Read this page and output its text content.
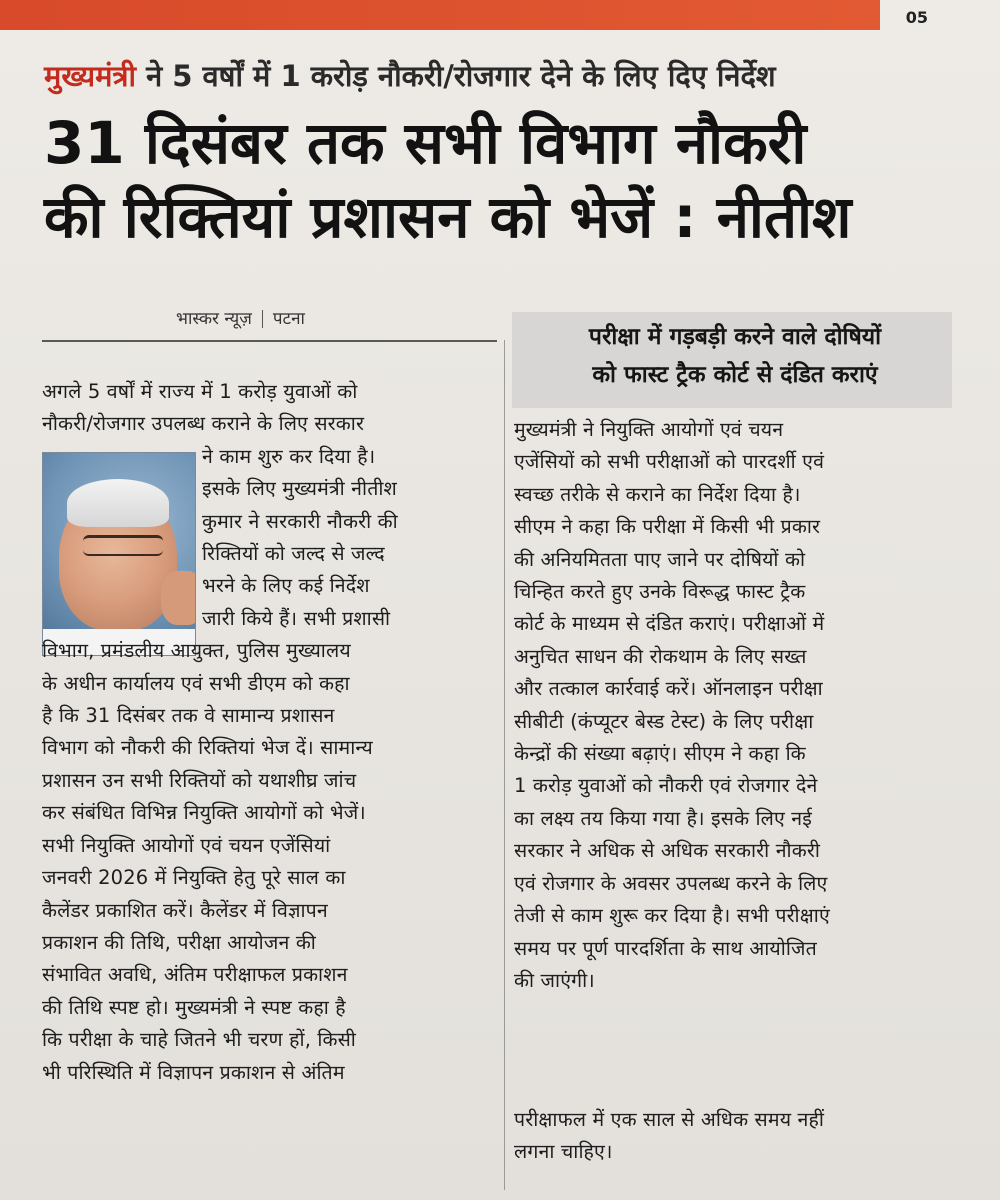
05
मुख्यमंत्री ने 5 वर्षों में 1 करोड़ नौकरी/रोजगार देने के लिए दिए निर्देश
31 दिसंबर तक सभी विभाग नौकरी
की रिक्तियां प्रशासन को भेजें : नीतीश
भास्कर न्यूज़ पटना
परीक्षा में गड़बड़ी करने वाले दोषियों
को फास्ट ट्रैक कोर्ट से दंडित कराएं
अगले 5 वर्षों में राज्य में 1 करोड़ युवाओं को
नौकरी/रोजगार उपलब्ध कराने के लिए सरकार
ने काम शुरु कर दिया है।
इसके लिए मुख्यमंत्री नीतीश
कुमार ने सरकारी नौकरी की
रिक्तियों को जल्द से जल्द
भरने के लिए कई निर्देश
जारी किये हैं। सभी प्रशासी
विभाग, प्रमंडलीय आयुक्त, पुलिस मुख्यालय
के अधीन कार्यालय एवं सभी डीएम को कहा
है कि 31 दिसंबर तक वे सामान्य प्रशासन
विभाग को नौकरी की रिक्तियां भेज दें। सामान्य
प्रशासन उन सभी रिक्तियों को यथाशीघ्र जांच
कर संबंधित विभिन्न नियुक्ति आयोगों को भेजें।
सभी नियुक्ति आयोगों एवं चयन एजेंसियां
जनवरी 2026 में नियुक्ति हेतु पूरे साल का
कैलेंडर प्रकाशित करें। कैलेंडर में विज्ञापन
प्रकाशन की तिथि, परीक्षा आयोजन की
संभावित अवधि, अंतिम परीक्षाफल प्रकाशन
की तिथि स्पष्ट हो। मुख्यमंत्री ने स्पष्ट कहा है
कि परीक्षा के चाहे जितने भी चरण हों, किसी
भी परिस्थिति में विज्ञापन प्रकाशन से अंतिम
मुख्यमंत्री ने नियुक्ति आयोगों एवं चयन
एजेंसियों को सभी परीक्षाओं को पारदर्शी एवं
स्वच्छ तरीके से कराने का निर्देश दिया है।
सीएम ने कहा कि परीक्षा में किसी भी प्रकार
की अनियमितता पाए जाने पर दोषियों को
चिन्हित करते हुए उनके विरूद्ध फास्ट ट्रैक
कोर्ट के माध्यम से दंडित कराएं। परीक्षाओं में
अनुचित साधन की रोकथाम के लिए सख्त
और तत्काल कार्रवाई करें। ऑनलाइन परीक्षा
सीबीटी (कंप्यूटर बेस्ड टेस्ट) के लिए परीक्षा
केन्द्रों की संख्या बढ़ाएं। सीएम ने कहा कि
1 करोड़ युवाओं को नौकरी एवं रोजगार देने
का लक्ष्य तय किया गया है। इसके लिए नई
सरकार ने अधिक से अधिक सरकारी नौकरी
एवं रोजगार के अवसर उपलब्ध करने के लिए
तेजी से काम शुरू कर दिया है। सभी परीक्षाएं
समय पर पूर्ण पारदर्शिता के साथ आयोजित
की जाएंगी।
परीक्षाफल में एक साल से अधिक समय नहीं
लगना चाहिए।
